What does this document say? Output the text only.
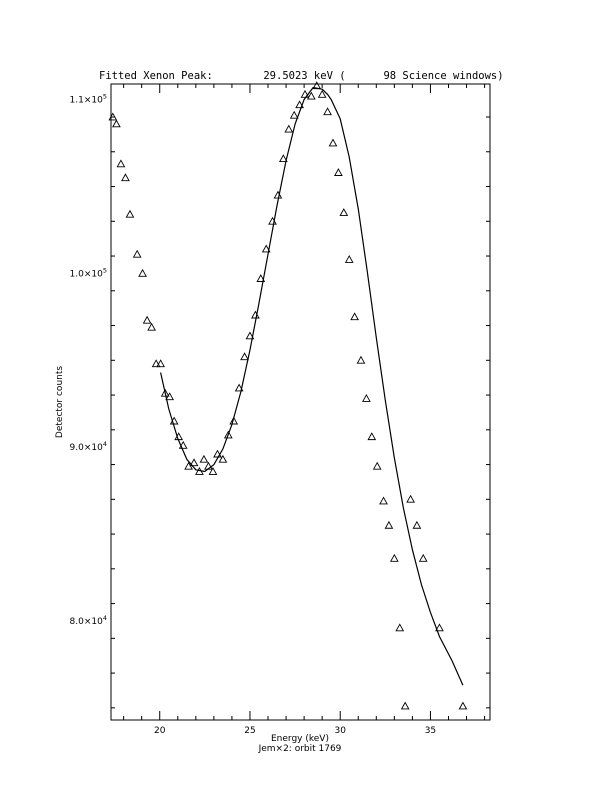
Fitted Xenon Peak:        29.5023 keV (      98 Science windows)
$8.0\times 10^4$
$9.0\times 10^4$
$1.0\times 10^5$
$1.1\times 10^5$
20	25	30	35
Energy (keV)
Jem×2: orbit 1769
Detector counts
